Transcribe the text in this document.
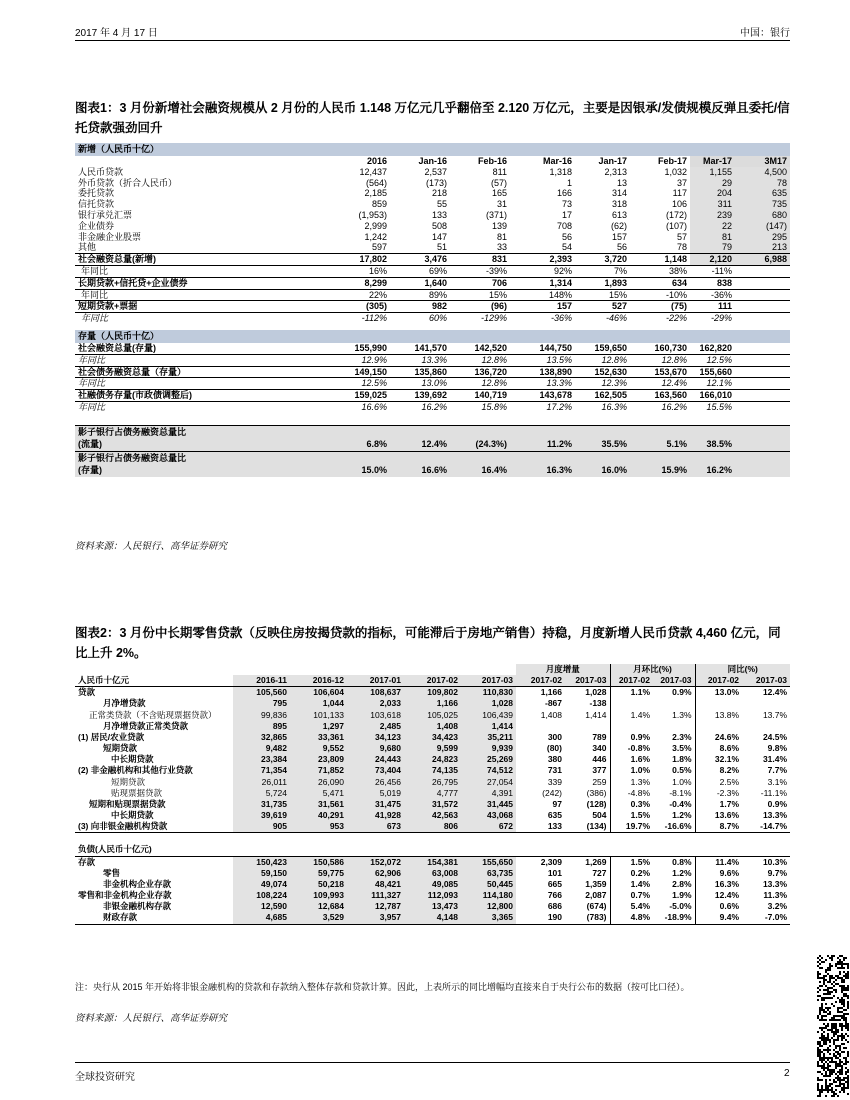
2017 年 4 月 17 日	中国：银行
图表1：3 月份新增社会融资规模从 2 月份的人民币 1.148 万亿元几乎翻倍至 2.120 万亿元，主要是因银承/发债规模反弹且委托/信托贷款强劲回升
新增（人民币十亿）										
		2016	Jan-16	Feb-16	Mar-16	Jan-17	Feb-17	Mar-17	3M17	
人民币贷款		12,437	2,537	811	1,318	2,313	1,032	1,155	4,500	
外币贷款（折合人民币）		(564)	(173)	(57)	1	13	37	29	78	
委托贷款		2,185	218	165	166	314	117	204	635	
信托贷款		859	55	31	73	318	106	311	735	
银行承兑汇票		(1,953)	133	(371)	17	613	(172)	239	680	
企业债券		2,999	508	139	708	(62)	(107)	22	(147)	
非金融企业股票		1,242	147	81	56	157	57	81	295	
其他		597	51	33	54	56	78	79	213	
社会融资总量(新增)		17,802	3,476	831	2,393	3,720	1,148	2,120	6,988	
年同比		16%	69%	-39%	92%	7%	38%	-11%		
长期贷款+信托贷+企业债券		8,299	1,640	706	1,314	1,893	634	838		
年同比		22%	89%	15%	148%	15%	-10%	-36%		
短期贷款+票据		(305)	982	(96)	157	527	(75)	111		
年同比		-112%	60%	-129%	-36%	-46%	-22%	-29%		

存量（人民币十亿）										
社会融资总量(存量)		155,990	141,570	142,520	144,750	159,650	160,730	162,820		
年同比		12.9%	13.3%	12.8%	13.5%	12.8%	12.8%	12.5%		
社会债务融资总量（存量）		149,150	135,860	136,720	138,890	152,630	153,670	155,660		
年同比		12.5%	13.0%	12.8%	13.3%	12.3%	12.4%	12.1%		
社融债务存量(市政债调整后)		159,025	139,692	140,719	143,678	162,505	163,560	166,010		
年同比		16.6%	16.2%	15.8%	17.2%	16.3%	16.2%	15.5%		

影子银行占债务融资总量比										
(流量)		6.8%	12.4%	(24.3%)	11.2%	35.5%	5.1%	38.5%		
影子银行占债务融资总量比										
(存量)		15.0%	16.6%	16.4%	16.3%	16.0%	15.9%	16.2%		
资料来源：人民银行、高华证券研究
图表2：3 月份中长期零售贷款（反映住房按揭贷款的指标，可能滞后于房地产销售）持稳，月度新增人民币贷款 4,460 亿元，同比上升 2%。
						月度增量		月环比(%)		同比(%)	
人民币十亿元	2016-11	2016-12	2017-01	2017-02	2017-03	2017-02	2017-03	2017-02	2017-03	2017-02	2017-03
贷款	105,560	106,604	108,637	109,802	110,830	1,166	1,028	1.1%	0.9%	13.0%	12.4%
月净增贷款	795	1,044	2,033	1,166	1,028	-867	-138				
正常类贷款（不含贴现票据贷款）	99,836	101,133	103,618	105,025	106,439	1,408	1,414	1.4%	1.3%	13.8%	13.7%
月净增贷款正常类贷款	895	1,297	2,485	1,408	1,414						
(1) 居民/农业贷款	32,865	33,361	34,123	34,423	35,211	300	789	0.9%	2.3%	24.6%	24.5%
短期贷款	9,482	9,552	9,680	9,599	9,939	(80)	340	-0.8%	3.5%	8.6%	9.8%
中长期贷款	23,384	23,809	24,443	24,823	25,269	380	446	1.6%	1.8%	32.1%	31.4%
(2) 非金融机构和其他行业贷款	71,354	71,852	73,404	74,135	74,512	731	377	1.0%	0.5%	8.2%	7.7%
短期贷款	26,011	26,090	26,456	26,795	27,054	339	259	1.3%	1.0%	2.5%	3.1%
贴现票据贷款	5,724	5,471	5,019	4,777	4,391	(242)	(386)	-4.8%	-8.1%	-2.3%	-11.1%
短期和贴现票据贷款	31,735	31,561	31,475	31,572	31,445	97	(128)	0.3%	-0.4%	1.7%	0.9%
中长期贷款	39,619	40,291	41,928	42,563	43,068	635	504	1.5%	1.2%	13.6%	13.3%
(3) 向非银金融机构贷款	905	953	673	806	672	133	(134)	19.7%	-16.6%	8.7%	-14.7%

负债(人民币十亿元)											
存款	150,423	150,586	152,072	154,381	155,650	2,309	1,269	1.5%	0.8%	11.4%	10.3%
零售	59,150	59,775	62,906	63,008	63,735	101	727	0.2%	1.2%	9.6%	9.7%
非金机构企业存款	49,074	50,218	48,421	49,085	50,445	665	1,359	1.4%	2.8%	16.3%	13.3%
零售和非金机构企业存款	108,224	109,993	111,327	112,093	114,180	766	2,087	0.7%	1.9%	12.4%	11.3%
非银金融机构存款	12,590	12,684	12,787	13,473	12,800	686	(674)	5.4%	-5.0%	0.6%	3.2%
财政存款	4,685	3,529	3,957	4,148	3,365	190	(783)	4.8%	-18.9%	9.4%	-7.0%
注：央行从 2015 年开始将非银金融机构的贷款和存款纳入整体存款和贷款计算。因此，上表所示的同比增幅均直接来自于央行公布的数据（按可比口径）。
资料来源：人民银行、高华证券研究
全球投资研究	2
